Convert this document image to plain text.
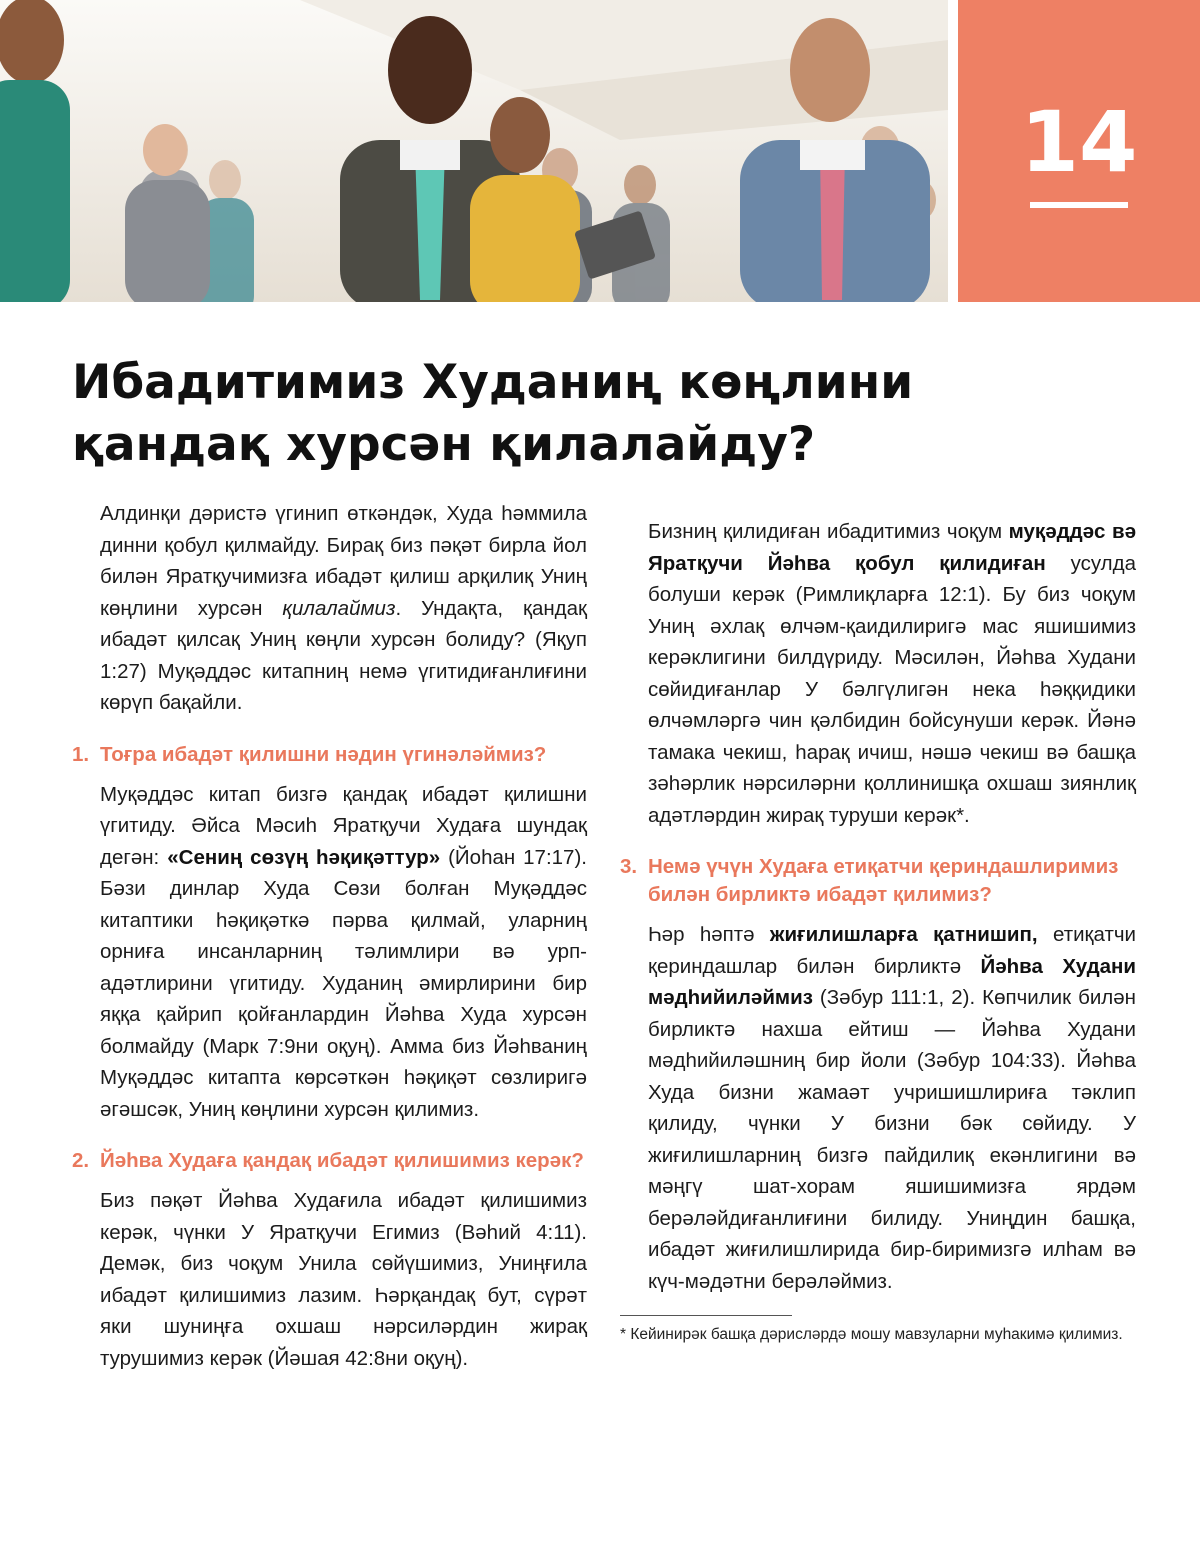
14
Ибадитимиз Худаниң көңлини қандақ хурсән қилалайду?

Алдинқи дәристә үгинип өткәндәк, Худа һәммила динни қобул қилмайду. Бирақ биз пәқәт бирла йол билән Яратқучимизға ибадәт қилиш арқилиқ Униң көңлини хурсән қилалаймиз. Ундақта, қандақ ибадәт қилсақ Униң көңли хурсән болиду? (Яқуп 1:27) Муқәддәс китапниң немә үгитидиғанлиғини көрүп бақайли.

1. Тоғра ибадәт қилишни нәдин үгинәләймиз?

Муқәддәс китап бизгә қандақ ибадәт қилишни үгитиду. Әйса Мәсиһ Яратқучи Худаға шундақ дегән: «Сениң сөзүң һәқиқәттур» (Йоһан 17:17). Бәзи динлар Худа Сөзи болған Муқәддәс китаптики һәқиқәткә пәрва қилмай, уларниң орниға инсанларниң тәлимлири вә урп-адәтлирини үгитиду. Худаниң әмирлирини бир яққа қайрип қойғанлардин Йәһва Худа хурсән болмайду (Марк 7:9ни оқуң). Амма биз Йәһваниң Муқәддәс китапта көрсәткән һәқиқәт сөзлиригә әгәшсәк, Униң көңлини хурсән қилимиз.

2. Йәһва Худаға қандақ ибадәт қилишимиз керәк?

Биз пәқәт Йәһва Худағила ибадәт қилишимиз керәк, чүнки У Яратқучи Егимиз (Вәһий 4:11). Демәк, биз чоқум Унила сөйүшимиз, Униңғила ибадәт қилишимиз лазим. Һәрқандақ бут, сүрәт яки шуниңға охшаш нәрсиләрдин жирақ турушимиз керәк (Йәшая 42:8ни оқуң).

Бизниң қилидиған ибадитимиз чоқум муқәддәс вә Яратқучи Йәһва қобул қилидиған усулда болуши керәк (Римлиқларға 12:1). Бу биз чоқум Униң әхлақ өлчәм-қаидилиригә мас яшишимиз керәклигини билдүриду. Мәсилән, Йәһва Худани сөйидиғанлар У бәлгүлигән нека һәққидики өлчәмләргә чин қәлбидин бойсунуши керәк. Йәнә тамака чекиш, һарақ ичиш, нәшә чекиш вә башқа зәһәрлик нәрсиләрни қоллинишқа охшаш зиянлиқ адәтләрдин жирақ туруши керәк*.

3. Немә үчүн Худаға етиқатчи қериндашлиримиз билән бирликтә ибадәт қилимиз?

Һәр һәптә жиғилишларға қатнишип, етиқатчи қериндашлар билән бирликтә Йәһва Худани мәдһийиләймиз (Зәбур 111:1, 2). Көпчилик билән бирликтә нахша ейтиш — Йәһва Худани мәдһийиләшниң бир йоли (Зәбур 104:33). Йәһва Худа бизни жамаәт учришишлириға тәклип қилиду, чүнки У бизни бәк сөйиду. У жиғилишларниң бизгә пайдилиқ екәнлигини вә мәңгү шат-хорам яшишимизға ярдәм берәләйдиғанлиғини билиду. Униңдин башқа, ибадәт жиғилишлирида бир-биримизгә илһам вә күч-мәдәтни берәләймиз.

* Кейинирәк башқа дәрисләрдә мошу мавзуларни муһакимә қилимиз.
